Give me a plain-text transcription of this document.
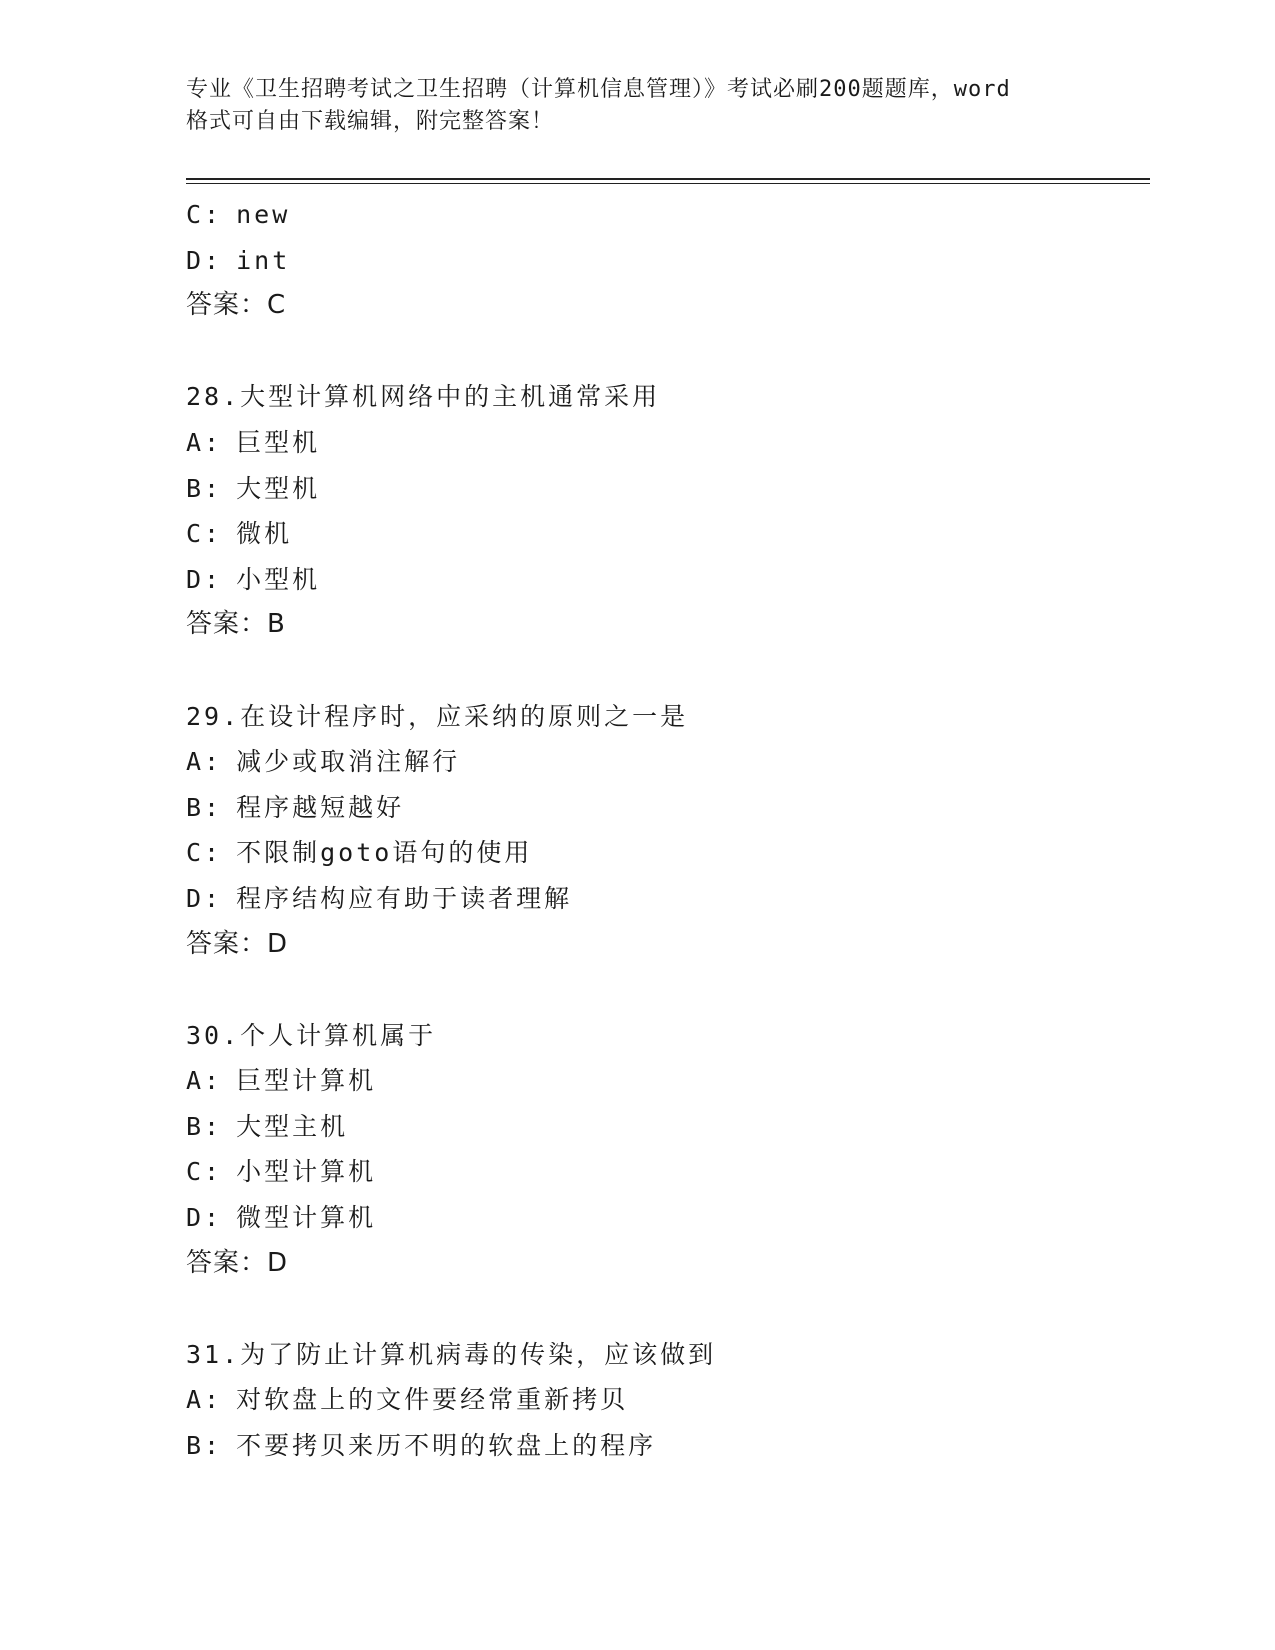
专业《卫生招聘考试之卫生招聘（计算机信息管理）》考试必刷200题题库，word
格式可自由下载编辑，附完整答案！
C: new
D: int
答案：C
28.大型计算机网络中的主机通常采用
A: 巨型机
B: 大型机
C: 微机
D: 小型机
答案：B
29.在设计程序时，应采纳的原则之一是
A: 减少或取消注解行
B: 程序越短越好
C: 不限制goto语句的使用
D: 程序结构应有助于读者理解
答案：D
30.个人计算机属于
A: 巨型计算机
B: 大型主机
C: 小型计算机
D: 微型计算机
答案：D
31.为了防止计算机病毒的传染，应该做到
A: 对软盘上的文件要经常重新拷贝
B: 不要拷贝来历不明的软盘上的程序
